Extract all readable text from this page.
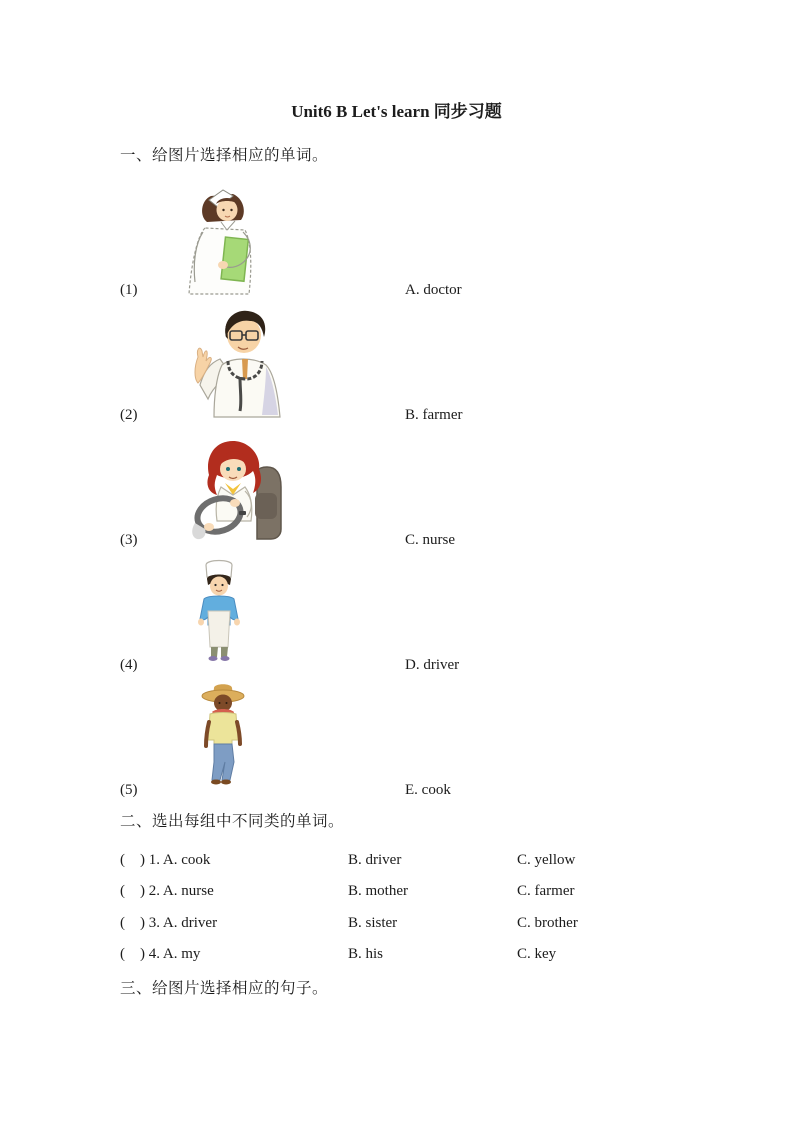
Unit6 B Let's learn 同步习题
一、给图片选择相应的单词。
(1)	A. doctor
(2)	B. farmer
(3)	C. nurse
(4)	D. driver
(5)	E. cook
二、选出每组中不同类的单词。
(    ) 1. A. cook	B. driver	C. yellow
(    ) 2. A. nurse	B. mother	C. farmer
(    ) 3. A. driver	B. sister	C. brother
(    ) 4. A. my	B. his	C. key
三、给图片选择相应的句子。
